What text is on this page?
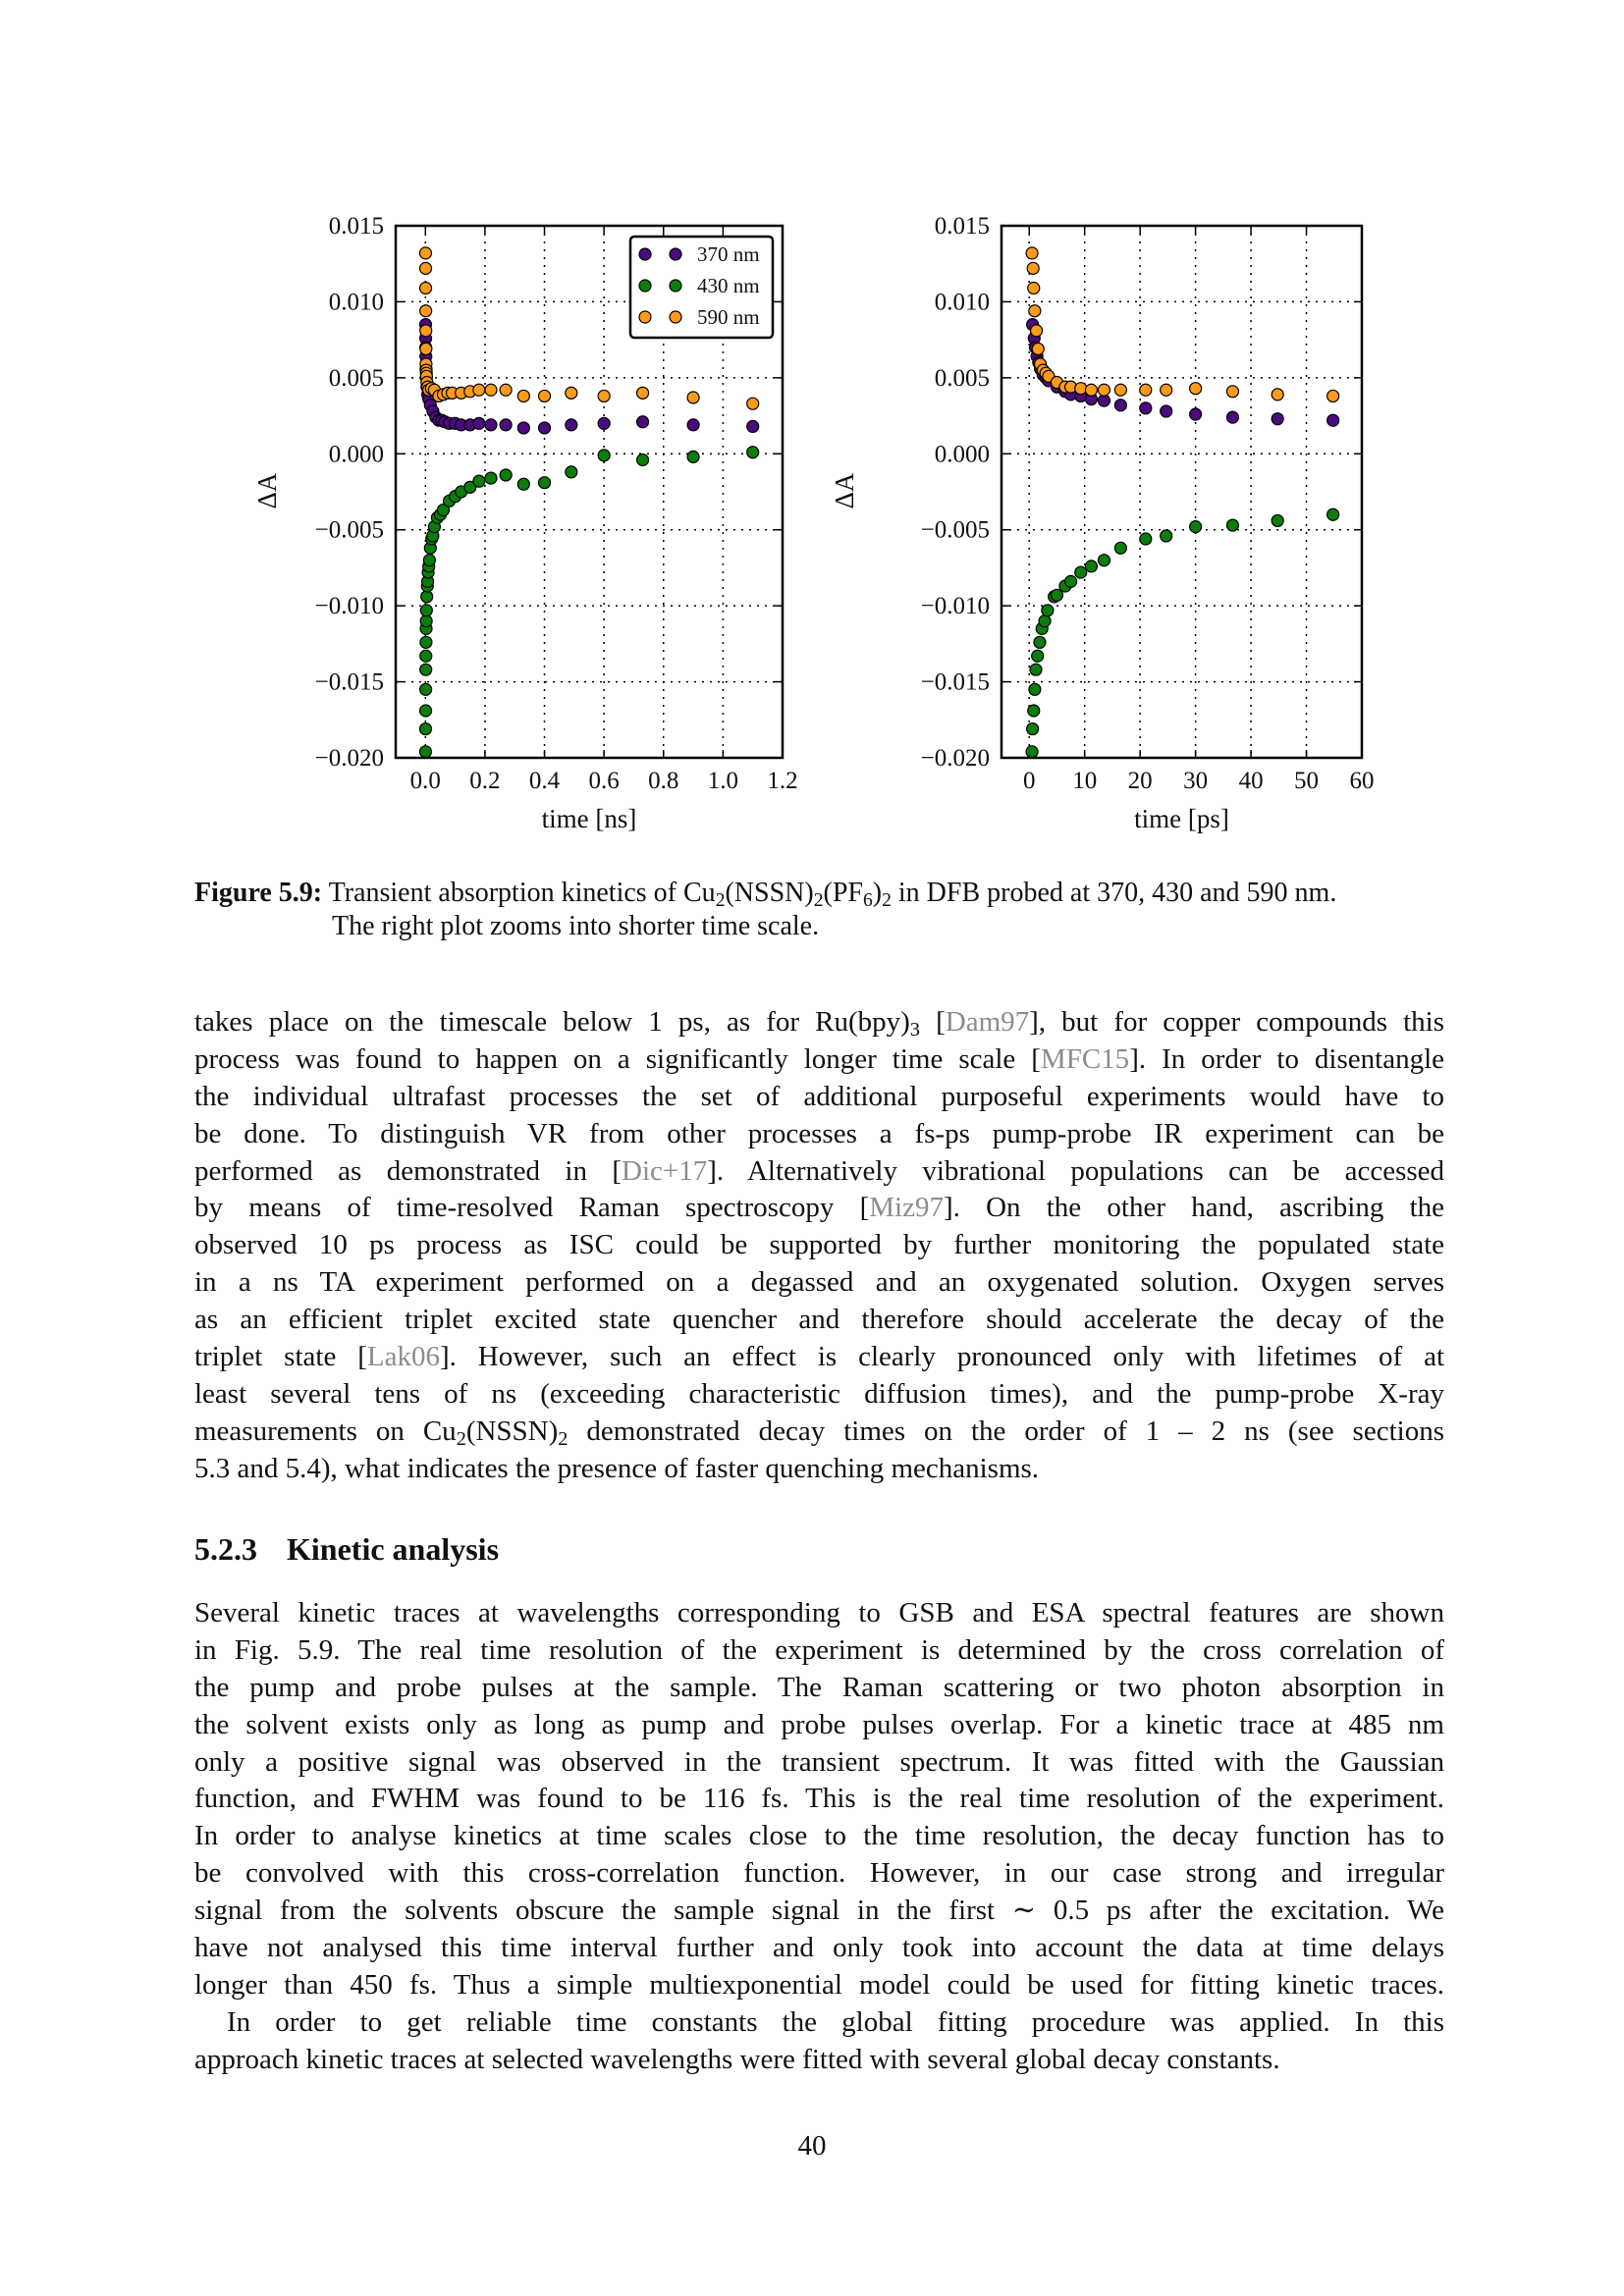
0.0 0.2 0.4 0.6 0.8 1.0 1.2
0.015
0.010
0.005
0.000
−0.005
−0.010
−0.015
−0.020
time [ns]
ΔA
370 nm
430 nm
590 nm
0 10 20 30 40 50 60
0.015
0.010
0.005
0.000
−0.005
−0.010
−0.015
−0.020
time [ps]
ΔA
Figure 5.9: Transient absorption kinetics of $Cu_2(NSSN)_2(PF_6)_2$ in DFB probed at 370, 430 and 590 nm.
The right plot zooms into shorter time scale.
takes place on the timescale below 1 ps, as for $Ru(bpy)_3$ [Dam97], but for copper compounds this
process was found to happen on a significantly longer time scale [MFC15]. In order to disentangle
the individual ultrafast processes the set of additional purposeful experiments would have to
be done. To distinguish VR from other processes a fs-ps pump-probe IR experiment can be
performed as demonstrated in [Dic+17]. Alternatively vibrational populations can be accessed
by means of time-resolved Raman spectroscopy [Miz97]. On the other hand, ascribing the
observed 10 ps process as ISC could be supported by further monitoring the populated state
in a ns TA experiment performed on a degassed and an oxygenated solution. Oxygen serves
as an efficient triplet excited state quencher and therefore should accelerate the decay of the
triplet state [Lak06]. However, such an effect is clearly pronounced only with lifetimes of at
least several tens of ns (exceeding characteristic diffusion times), and the pump-probe X-ray
measurements on $Cu_2(NSSN)_2$ demonstrated decay times on the order of 1 – 2 ns (see sections
5.3 and 5.4), what indicates the presence of faster quenching mechanisms.
5.2.3 Kinetic analysis
Several kinetic traces at wavelengths corresponding to GSB and ESA spectral features are shown
in Fig. 5.9. The real time resolution of the experiment is determined by the cross correlation of
the pump and probe pulses at the sample. The Raman scattering or two photon absorption in
the solvent exists only as long as pump and probe pulses overlap. For a kinetic trace at 485 nm
only a positive signal was observed in the transient spectrum. It was fitted with the Gaussian
function, and FWHM was found to be 116 fs. This is the real time resolution of the experiment.
In order to analyse kinetics at time scales close to the time resolution, the decay function has to
be convolved with this cross-correlation function. However, in our case strong and irregular
signal from the solvents obscure the sample signal in the first ∼ 0.5 ps after the excitation. We
have not analysed this time interval further and only took into account the data at time delays
longer than 450 fs. Thus a simple multiexponential model could be used for fitting kinetic traces.
In order to get reliable time constants the global fitting procedure was applied. In this
approach kinetic traces at selected wavelengths were fitted with several global decay constants.
40
